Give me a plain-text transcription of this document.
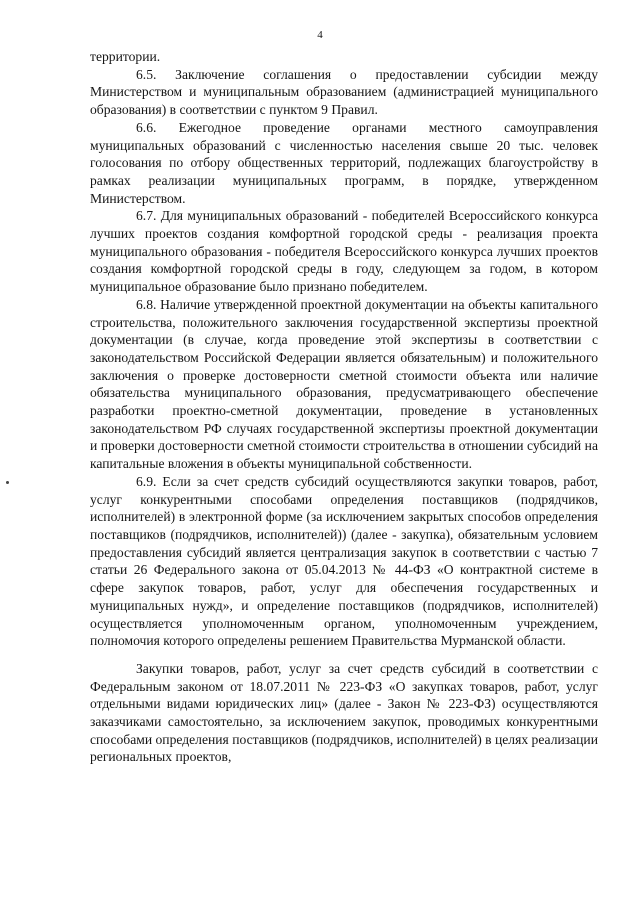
4

территории.

6.5. Заключение соглашения о предоставлении субсидии между Министерством и муниципальным образованием (администрацией муниципального образования) в соответствии с пунктом 9 Правил.

6.6. Ежегодное проведение органами местного самоуправления муниципальных образований с численностью населения свыше 20 тыс. человек голосования по отбору общественных территорий, подлежащих благоустройству в рамках реализации муниципальных программ, в порядке, утвержденном Министерством.

6.7. Для муниципальных образований - победителей Всероссийского конкурса лучших проектов создания комфортной городской среды - реализация проекта муниципального образования - победителя Всероссийского конкурса лучших проектов создания комфортной городской среды в году, следующем за годом, в котором муниципальное образование было признано победителем.

6.8. Наличие утвержденной проектной документации на объекты капитального строительства, положительного заключения государственной экспертизы проектной документации (в случае, когда проведение этой экспертизы в соответствии с законодательством Российской Федерации является обязательным) и положительного заключения о проверке достоверности сметной стоимости объекта или наличие обязательства муниципального образования, предусматривающего обеспечение разработки проектно-сметной документации, проведение в установленных законодательством РФ случаях государственной экспертизы проектной документации и проверки достоверности сметной стоимости строительства в отношении субсидий на капитальные вложения в объекты муниципальной собственности.

6.9. Если за счет средств субсидий осуществляются закупки товаров, работ, услуг конкурентными способами определения поставщиков (подрядчиков, исполнителей) в электронной форме (за исключением закрытых способов определения поставщиков (подрядчиков, исполнителей)) (далее - закупка), обязательным условием предоставления субсидий является централизация закупок в соответствии с частью 7 статьи 26 Федерального закона от 05.04.2013 № 44-ФЗ «О контрактной системе в сфере закупок товаров, работ, услуг для обеспечения государственных и муниципальных нужд», и определение поставщиков (подрядчиков, исполнителей) осуществляется уполномоченным органом, уполномоченным учреждением, полномочия которого определены решением Правительства Мурманской области.

Закупки товаров, работ, услуг за счет средств субсидий в соответствии с Федеральным законом от 18.07.2011 № 223-ФЗ «О закупках товаров, работ, услуг отдельными видами юридических лиц» (далее - Закон № 223-ФЗ) осуществляются заказчиками самостоятельно, за исключением закупок, проводимых конкурентными способами определения поставщиков (подрядчиков, исполнителей) в целях реализации региональных проектов,
